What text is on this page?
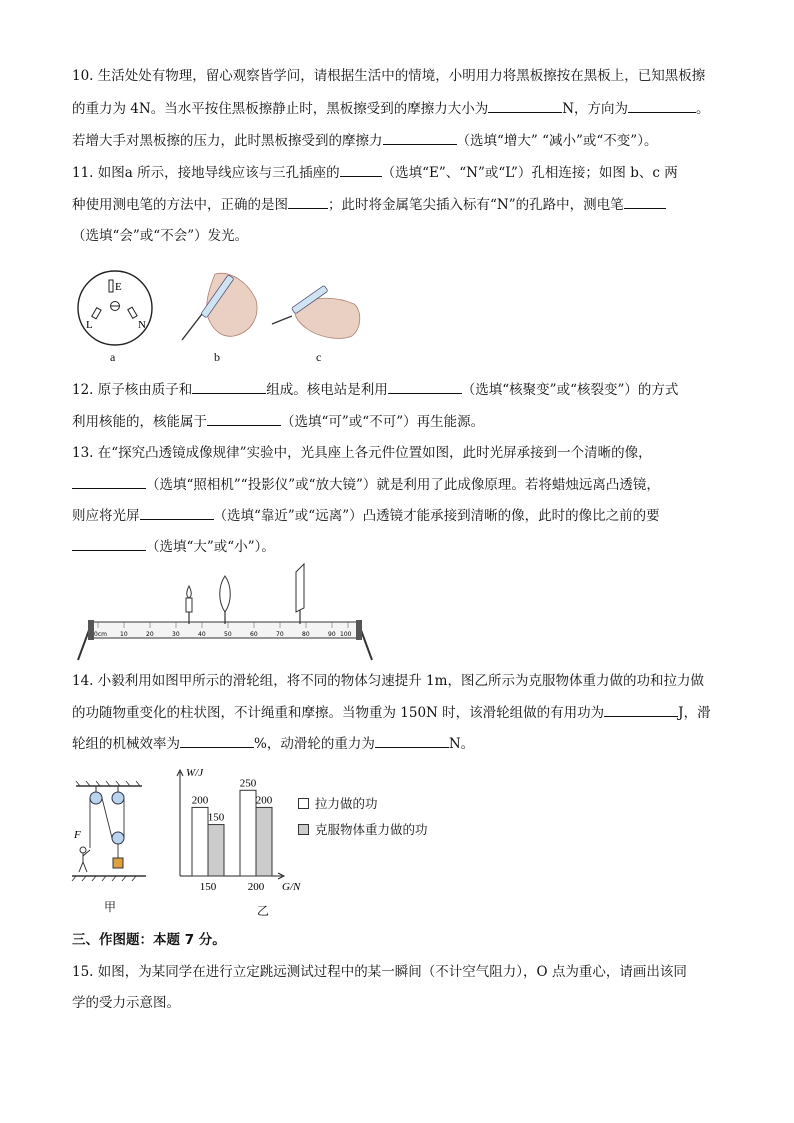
10. 生活处处有物理，留心观察皆学问，请根据生活中的情境，小明用力将黑板擦按在黑板上，已知黑板擦
的重力为 4N。当水平按住黑板擦静止时，黑板擦受到的摩擦力大小为	N，方向为	。
若增大手对黑板擦的压力，此时黑板擦受到的摩擦力	（选填“增大” “减小”或“不变”）。
11. 如图a 所示，接地导线应该与三孔插座的	（选填“E”、“N”或“L”）孔相连接；如图 b、c 两
种使用测电笔的方法中，正确的是图	；此时将金属笔尖插入标有“N”的孔路中，测电笔
（选填“会”或“不会”）发光。
E
L	N
a	b	c
12. 原子核由质子和	组成。核电站是利用	（选填“核聚变”或“核裂变”）的方式
利用核能的，核能属于	（选填“可”或“不可”）再生能源。
13. 在“探究凸透镜成像规律”实验中，光具座上各元件位置如图，此时光屏承接到一个清晰的像，
（选填“照相机”“投影仪”或“放大镜”）就是利用了此成像原理。若将蜡烛远离凸透镜，
则应将光屏	（选填“靠近”或“远离”）凸透镜才能承接到清晰的像，此时的像比之前的要
（选填“大”或“小”）。
0cm 10	20	30	40	50	60	70	80	90 100
14. 小毅利用如图甲所示的滑轮组，将不同的物体匀速提升 1m，图乙所示为克服物体重力做的功和拉力做
的功随物重变化的柱状图，不计绳重和摩擦。当物重为 150N 时，该滑轮组做的有用功为	J，滑
轮组的机械效率为	%，动滑轮的重力为	N。
F
甲
W/J
G/N
200
150
150
250
200
200
乙
拉力做的功
克服物体重力做的功
三、作图题：本题 7 分。
15. 如图，为某同学在进行立定跳远测试过程中的某一瞬间（不计空气阻力），O 点为重心，请画出该同
学的受力示意图。
